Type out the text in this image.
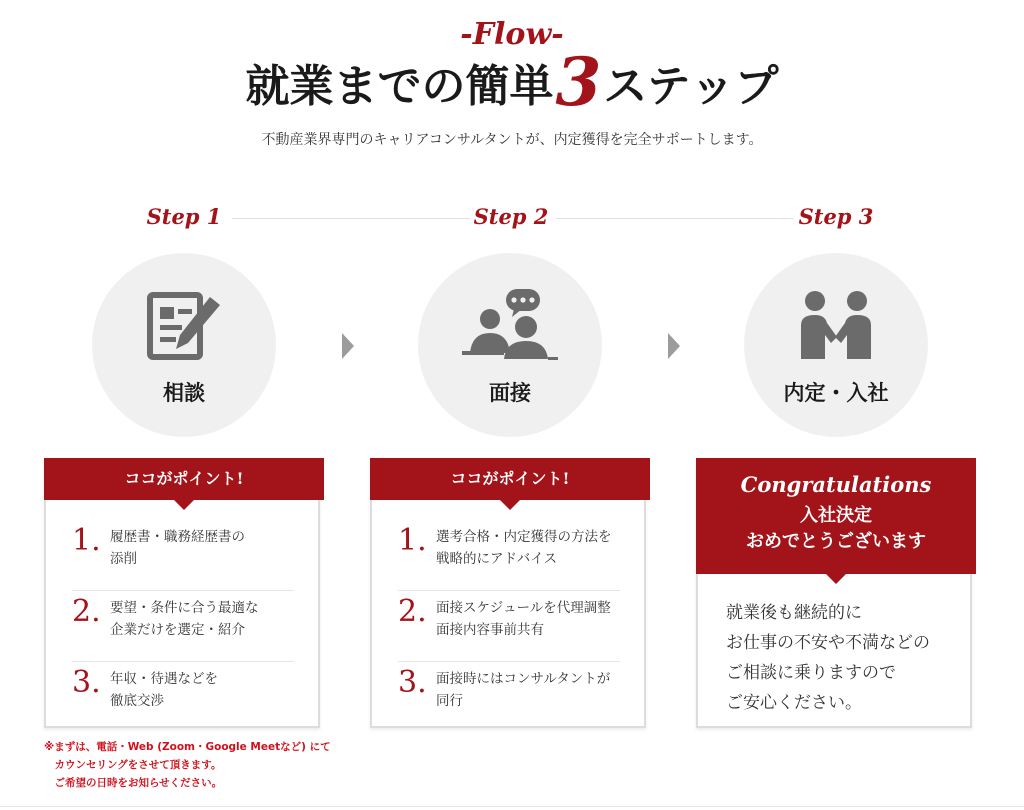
-Flow-
就業までの簡単3ステップ
不動産業界専門のキャリアコンサルタントが、内定獲得を完全サポートします。
Step 1	Step 2	Step 3
相談	面接	内定・入社
ココがポイント!
1. 履歴書・職務経歴書の
添削
2. 要望・条件に合う最適な
企業だけを選定・紹介
3. 年収・待遇などを
徹底交渉
ココがポイント!
1. 選考合格・内定獲得の方法を
戦略的にアドバイス
2. 面接スケジュールを代理調整
面接内容事前共有
3. 面接時にはコンサルタントが
同行
Congratulations
入社決定
おめでとうございます
就業後も継続的に
お仕事の不安や不満などの
ご相談に乗りますので
ご安心ください。
※まずは、電話・Web (Zoom・Google Meetなど) にて
　カウンセリングをさせて頂きます。
　ご希望の日時をお知らせください。
